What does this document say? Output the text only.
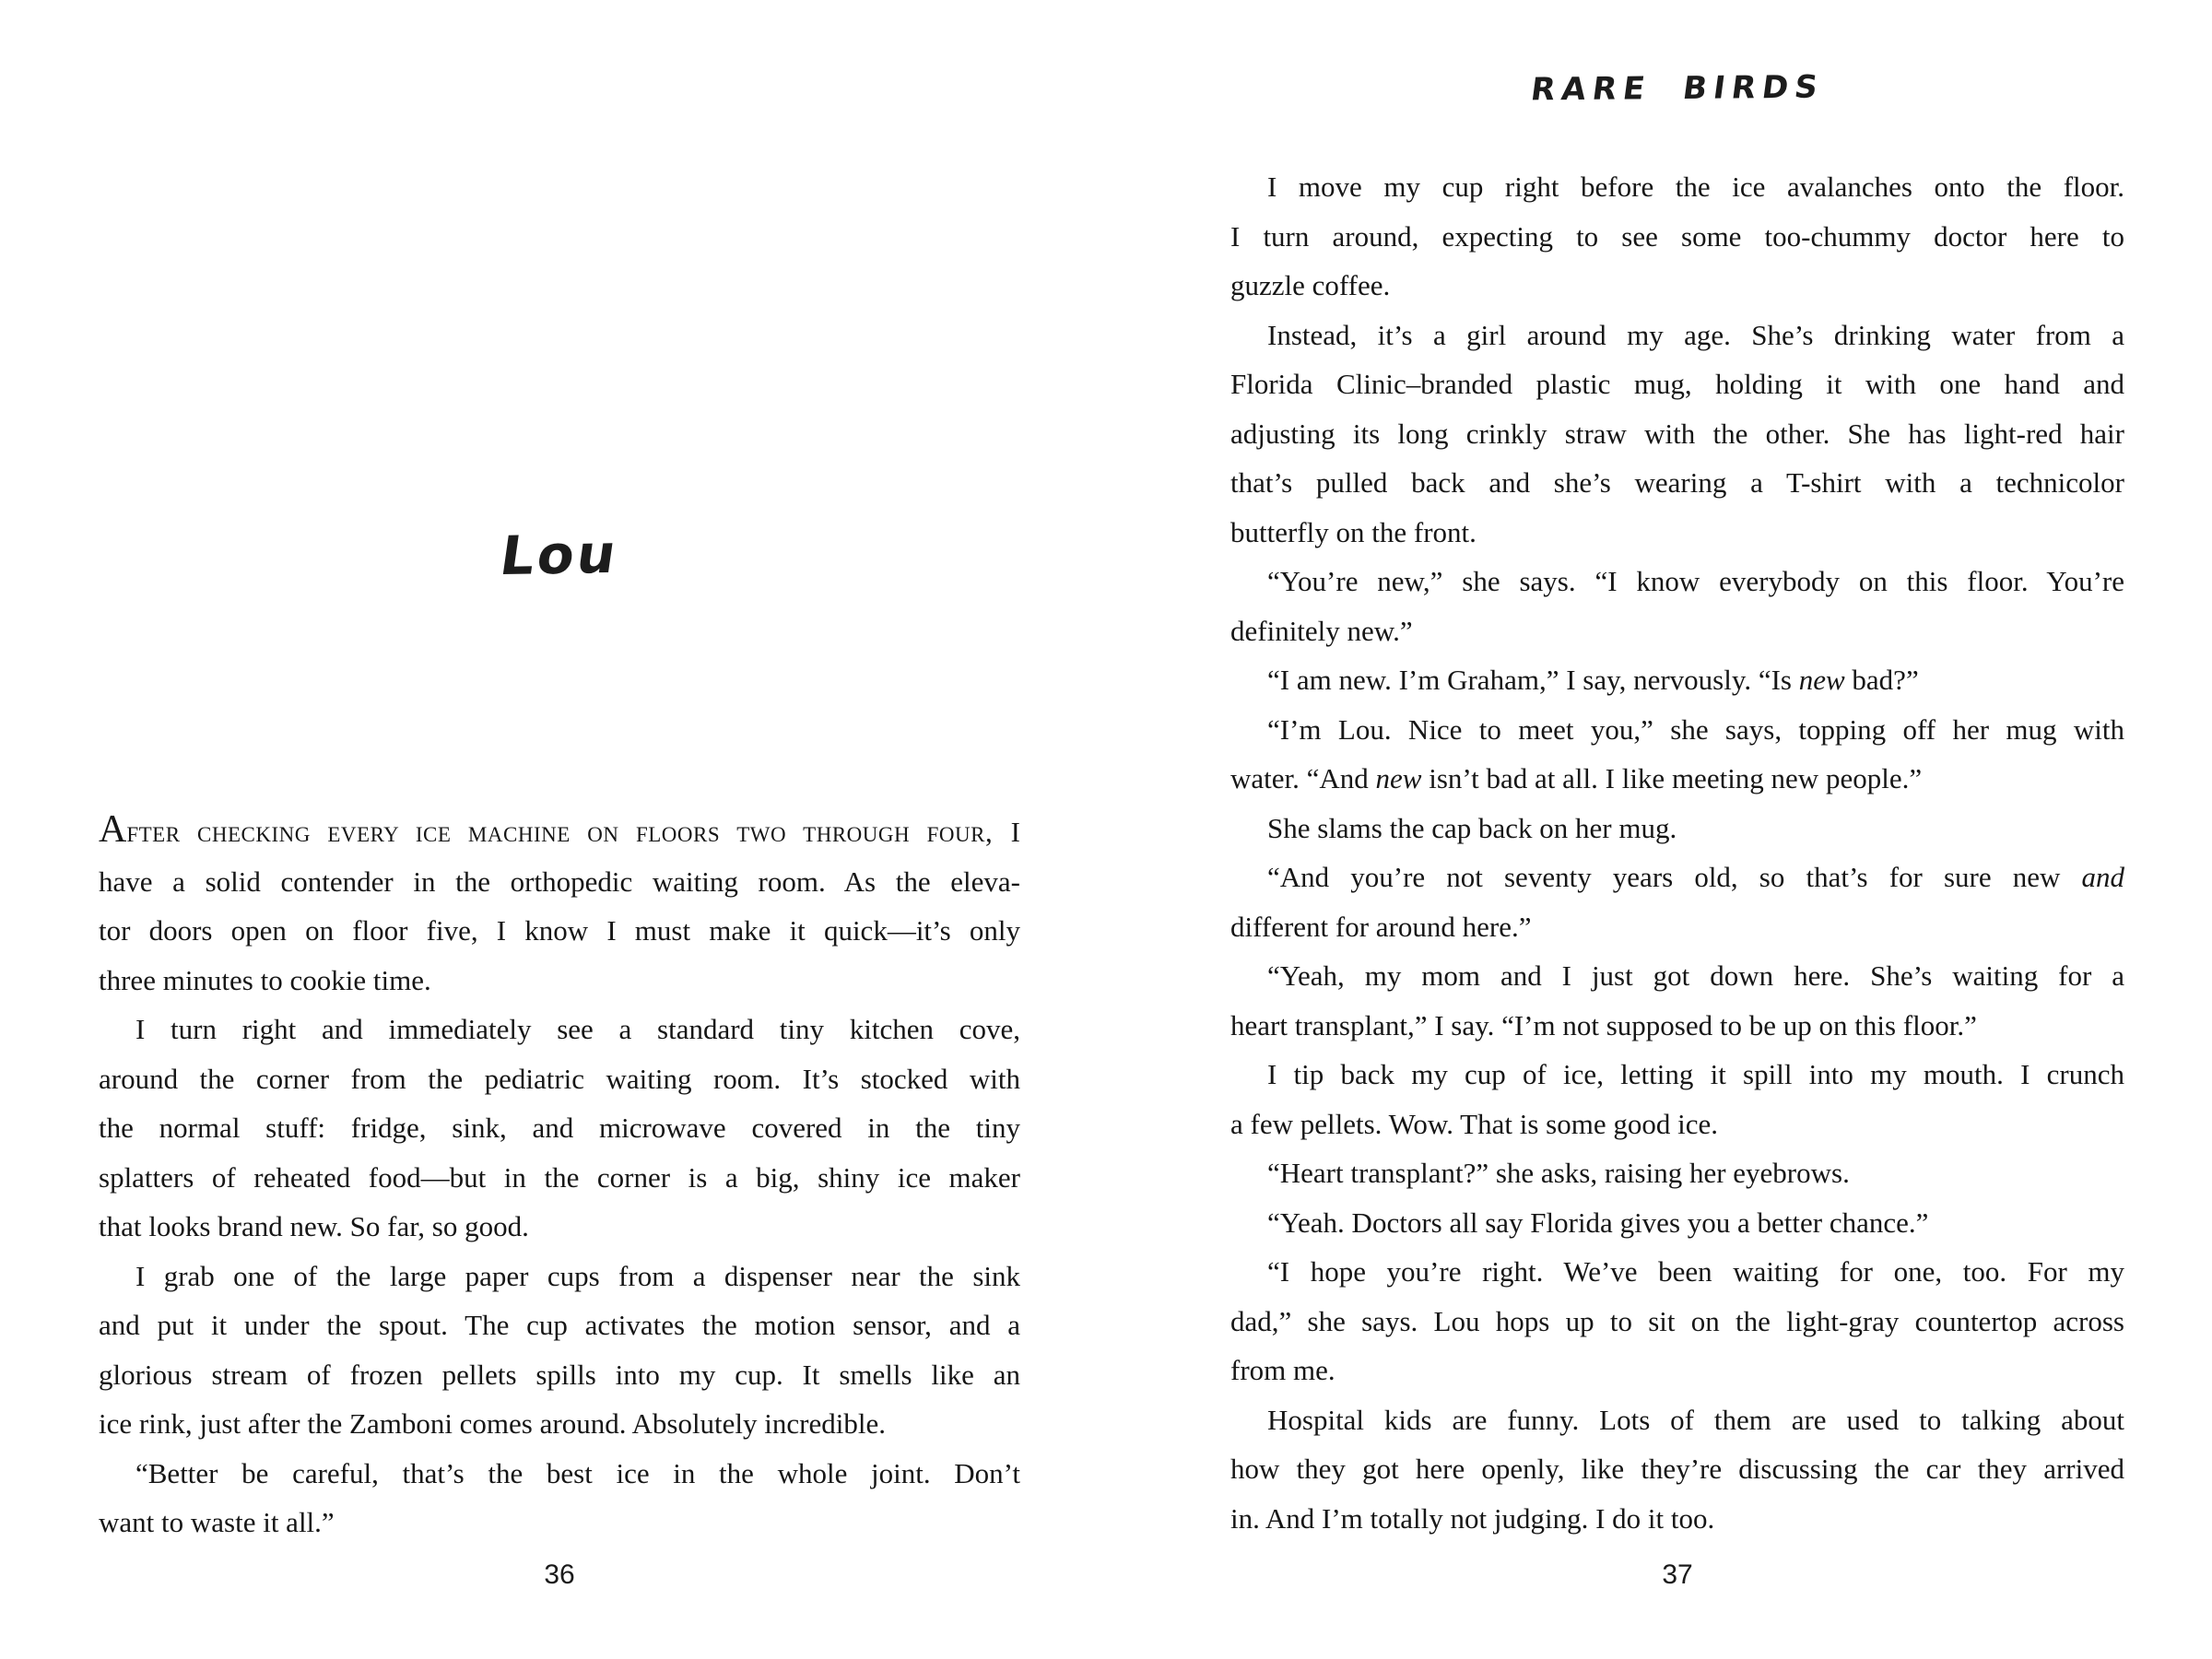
Lou
AFTER CHECKING EVERY ICE MACHINE ON FLOORS TWO THROUGH FOUR, I
have a solid contender in the orthopedic waiting room. As the eleva-
tor doors open on floor five, I know I must make it quick—it’s only
three minutes to cookie time.
I turn right and immediately see a standard tiny kitchen cove,
around the corner from the pediatric waiting room. It’s stocked with
the normal stuff: fridge, sink, and microwave covered in the tiny
splatters of reheated food—but in the corner is a big, shiny ice maker
that looks brand new. So far, so good.
I grab one of the large paper cups from a dispenser near the sink
and put it under the spout. The cup activates the motion sensor, and a
glorious stream of frozen pellets spills into my cup. It smells like an
ice rink, just after the Zamboni comes around. Absolutely incredible.
“Better be careful, that’s the best ice in the whole joint. Don’t
want to waste it all.”
36
RARE BIRDS
I move my cup right before the ice avalanches onto the floor.
I turn around, expecting to see some too-chummy doctor here to
guzzle coffee.
Instead, it’s a girl around my age. She’s drinking water from a
Florida Clinic–branded plastic mug, holding it with one hand and
adjusting its long crinkly straw with the other. She has light-red hair
that’s pulled back and she’s wearing a T-shirt with a technicolor
butterfly on the front.
“You’re new,” she says. “I know everybody on this floor. You’re
definitely new.”
“I am new. I’m Graham,” I say, nervously. “Is new bad?”
“I’m Lou. Nice to meet you,” she says, topping off her mug with
water. “And new isn’t bad at all. I like meeting new people.”
She slams the cap back on her mug.
“And you’re not seventy years old, so that’s for sure new and
different for around here.”
“Yeah, my mom and I just got down here. She’s waiting for a
heart transplant,” I say. “I’m not supposed to be up on this floor.”
I tip back my cup of ice, letting it spill into my mouth. I crunch
a few pellets. Wow. That is some good ice.
“Heart transplant?” she asks, raising her eyebrows.
“Yeah. Doctors all say Florida gives you a better chance.”
“I hope you’re right. We’ve been waiting for one, too. For my
dad,” she says. Lou hops up to sit on the light-gray countertop across
from me.
Hospital kids are funny. Lots of them are used to talking about
how they got here openly, like they’re discussing the car they arrived
in. And I’m totally not judging. I do it too.
37
